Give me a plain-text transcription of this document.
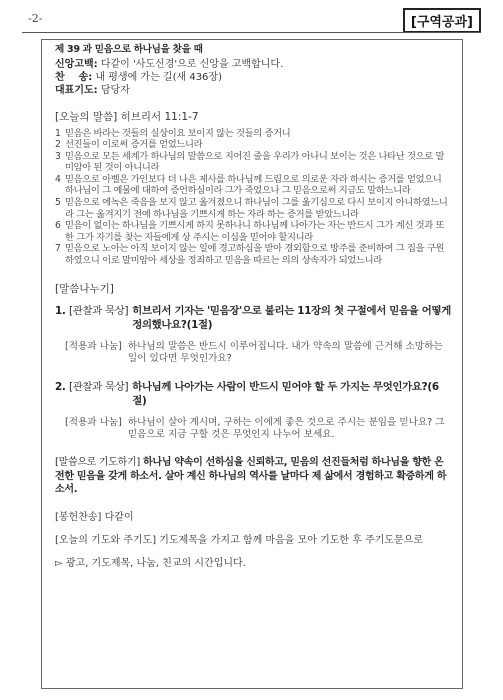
-2-	[구역공과]
제 39 과 믿음으로 하나님을 찾을 때
신앙고백: 다같이 '사도신경'으로 신앙을 고백합니다.
찬    송: 내 평생에 가는 길(새 436장)
대표기도: 담당자
[오늘의 말씀] 히브리서 11:1-7
1 믿음은 바라는 것들의 실상이요 보이지 않는 것들의 증거니
2 선진들이 이로써 증거를 얻었느니라
3 믿음으로 모든 세계가 하나님의 말씀으로 지어진 줄을 우리가 아나니 보이는 것은 나타난 것으로 말미암아 된 것이 아니니라
4 믿음으로 아벨은 가인보다 더 나은 제사를 하나님께 드림으로 의로운 자라 하시는 증거를 얻었으니 하나님이 그 예물에 대하여 증언하심이라 그가 죽었으나 그 믿음으로써 지금도 말하느니라
5 믿음으로 에녹은 죽음을 보지 않고 옮겨졌으니 하나님이 그를 옮기심으로 다시 보이지 아니하였느니라 그는 옮겨지기 전에 하나님을 기쁘시게 하는 자라 하는 증거를 받았느니라
6 믿음이 없이는 하나님을 기쁘시게 하지 못하나니 하나님께 나아가는 자는 반드시 그가 계신 것과 또한 그가 자기를 찾는 자들에게 상 주시는 이심을 믿어야 할지니라
7 믿음으로 노아는 아직 보이지 않는 일에 경고하심을 받아 경외함으로 방주를 준비하여 그 집을 구원하였으니 이로 말미암아 세상을 정죄하고 믿음을 따르는 의의 상속자가 되었느니라
[말씀나누기]
1. [관찰과 묵상] 히브리서 기자는 '믿음장'으로 불리는 11장의 첫 구절에서 믿음을 어떻게 정의했나요?(1절)
[적용과 나눔] 하나님의 말씀은 반드시 이루어집니다. 내가 약속의 말씀에 근거해 소망하는 일이 있다면 무엇인가요?
2. [관찰과 묵상] 하나님께 나아가는 사람이 반드시 믿어야 할 두 가지는 무엇인가요?(6절)
[적용과 나눔] 하나님이 살아 계시며, 구하는 이에게 좋은 것으로 주시는 분임을 믿나요? 그 믿음으로 지금 구할 것은 무엇인지 나누어 보세요.
[말씀으로 기도하기] 하나님 약속이 선하심을 신뢰하고, 믿음의 선진들처럼 하나님을 향한 온전한 믿음을 갖게 하소서. 살아 계신 하나님의 역사를 날마다 제 삶에서 경험하고 확증하게 하소서.
[봉헌찬송] 다같이
[오늘의 기도와 주기도] 기도제목을 가지고 함께 마음을 모아 기도한 후 주기도문으로
▻ 광고, 기도제목, 나눔, 친교의 시간입니다.
